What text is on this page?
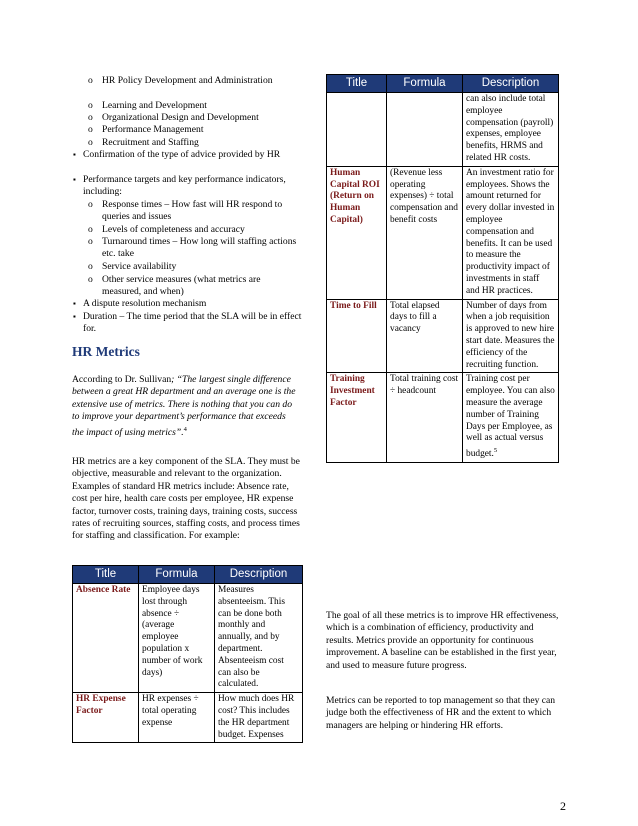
o HR Policy Development and Administration
o Learning and Development
o Organizational Design and Development
o Performance Management
o Recruitment and Staffing
▪ Confirmation of the type of advice provided by HR
▪ Performance targets and key performance indicators, including:
o Response times – How fast will HR respond to queries and issues
o Levels of completeness and accuracy
o Turnaround times – How long will staffing actions etc. take
o Service availability
o Other service measures (what metrics are measured, and when)
▪ A dispute resolution mechanism
▪ Duration – The time period that the SLA will be in effect for.
HR Metrics
According to Dr. Sullivan; “The largest single difference between a great HR department and an average one is the extensive use of metrics. There is nothing that you can do to improve your department’s performance that exceeds the impact of using metrics”.$^4$
HR metrics are a key component of the SLA. They must be objective, measurable and relevant to the organization. Examples of standard HR metrics include: Absence rate, cost per hire, health care costs per employee, HR expense factor, turnover costs, training days, training costs, success rates of recruiting sources, staffing costs, and process times for staffing and classification. For example:
Title	Formula	Description
Absence Rate	Employee days lost through absence ÷ (average employee population x number of work days)	Measures absenteeism. This can be done both monthly and annually, and by department. Absenteeism cost can also be calculated.
HR Expense Factor	HR expenses ÷ total operating expense	How much does HR cost? This includes the HR department budget. Expenses
Title	Formula	Description
		can also include total employee compensation (payroll) expenses, employee benefits, HRMS and related HR costs.
Human Capital ROI (Return on Human Capital)	(Revenue less operating expenses) ÷ total compensation and benefit costs	An investment ratio for employees. Shows the amount returned for every dollar invested in employee compensation and benefits. It can be used to measure the productivity impact of investments in staff and HR practices.
Time to Fill	Total elapsed days to fill a vacancy	Number of days from when a job requisition is approved to new hire start date. Measures the efficiency of the recruiting function.
Training Investment Factor	Total training cost ÷ headcount	Training cost per employee. You can also measure the average number of Training Days per Employee, as well as actual versus budget.$^5$
The goal of all these metrics is to improve HR effectiveness, which is a combination of efficiency, productivity and results. Metrics provide an opportunity for continuous improvement. A baseline can be established in the first year, and used to measure future progress.
Metrics can be reported to top management so that they can judge both the effectiveness of HR and the extent to which managers are helping or hindering HR efforts.
2
